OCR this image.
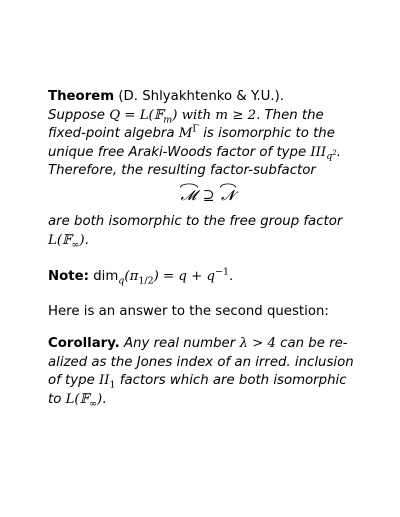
Theorem (D. Shlyakhtenko & Y.U.).
Suppose Q = L(𝔽$_m$) with m ≥ 2. Then the
fixed-point algebra $M^\Gamma$ is isomorphic to the
unique free Araki-Woods factor of type $III_{q^2}$.
Therefore, the resulting factor-subfactor
𝓜 ⊇ 𝓝
are both isomorphic to the free group factor
L(𝔽$_\infty$).
Note: $dim_q(\pi_{1/2}) = q + q^{-1}$.
Here is an answer to the second question:
Corollary. Any real number λ > 4 can be re-
alized as the Jones index of an irred. inclusion
of type $II_1$ factors which are both isomorphic
to L(𝔽$_\infty$).
